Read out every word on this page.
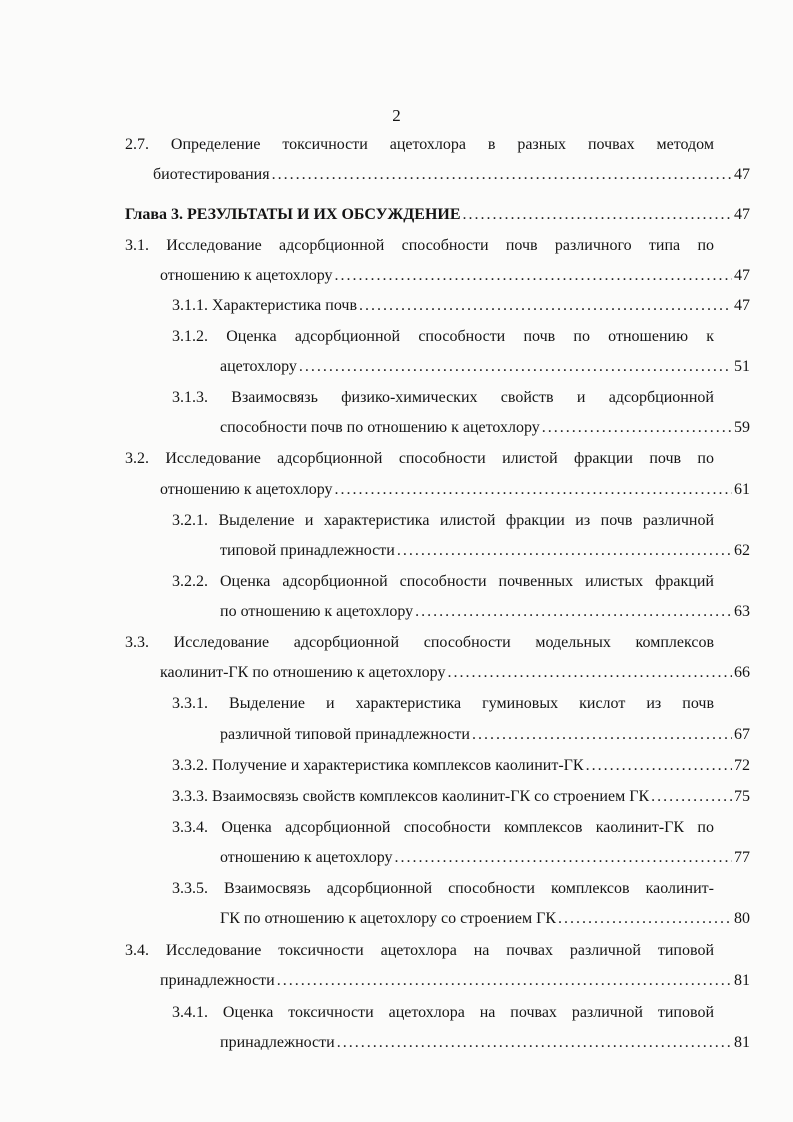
2
2.7. Определение токсичности ацетохлора в разных почвах методом
биотестирования . . .	47
Глава 3. РЕЗУЛЬТАТЫ И ИХ ОБСУЖДЕНИЕ . . .	47
3.1. Исследование адсорбционной способности почв различного типа по
отношению к ацетохлору . . .	47
3.1.1. Характеристика почв . . .	47
3.1.2. Оценка адсорбционной способности почв по отношению к
ацетохлору . . .	51
3.1.3. Взаимосвязь физико-химических свойств и адсорбционной
способности почв по отношению к ацетохлору . . .	59
3.2. Исследование адсорбционной способности илистой фракции почв по
отношению к ацетохлору . . .	61
3.2.1. Выделение и характеристика илистой фракции из почв различной
типовой принадлежности . . .	62
3.2.2. Оценка адсорбционной способности почвенных илистых фракций
по отношению к ацетохлору . . .	63
3.3. Исследование адсорбционной способности модельных комплексов
каолинит-ГК по отношению к ацетохлору . . .	66
3.3.1. Выделение и характеристика гуминовых кислот из почв
различной типовой принадлежности . . .	67
3.3.2. Получение и характеристика комплексов каолинит-ГК . . .	72
3.3.3. Взаимосвязь свойств комплексов каолинит-ГК со строением ГК . . .	75
3.3.4. Оценка адсорбционной способности комплексов каолинит-ГК по
отношению к ацетохлору . . .	77
3.3.5. Взаимосвязь адсорбционной способности комплексов каолинит-
ГК по отношению к ацетохлору со строением ГК . . .	80
3.4. Исследование токсичности ацетохлора на почвах различной типовой
принадлежности . . .	81
3.4.1. Оценка токсичности ацетохлора на почвах различной типовой
принадлежности . . .	81
